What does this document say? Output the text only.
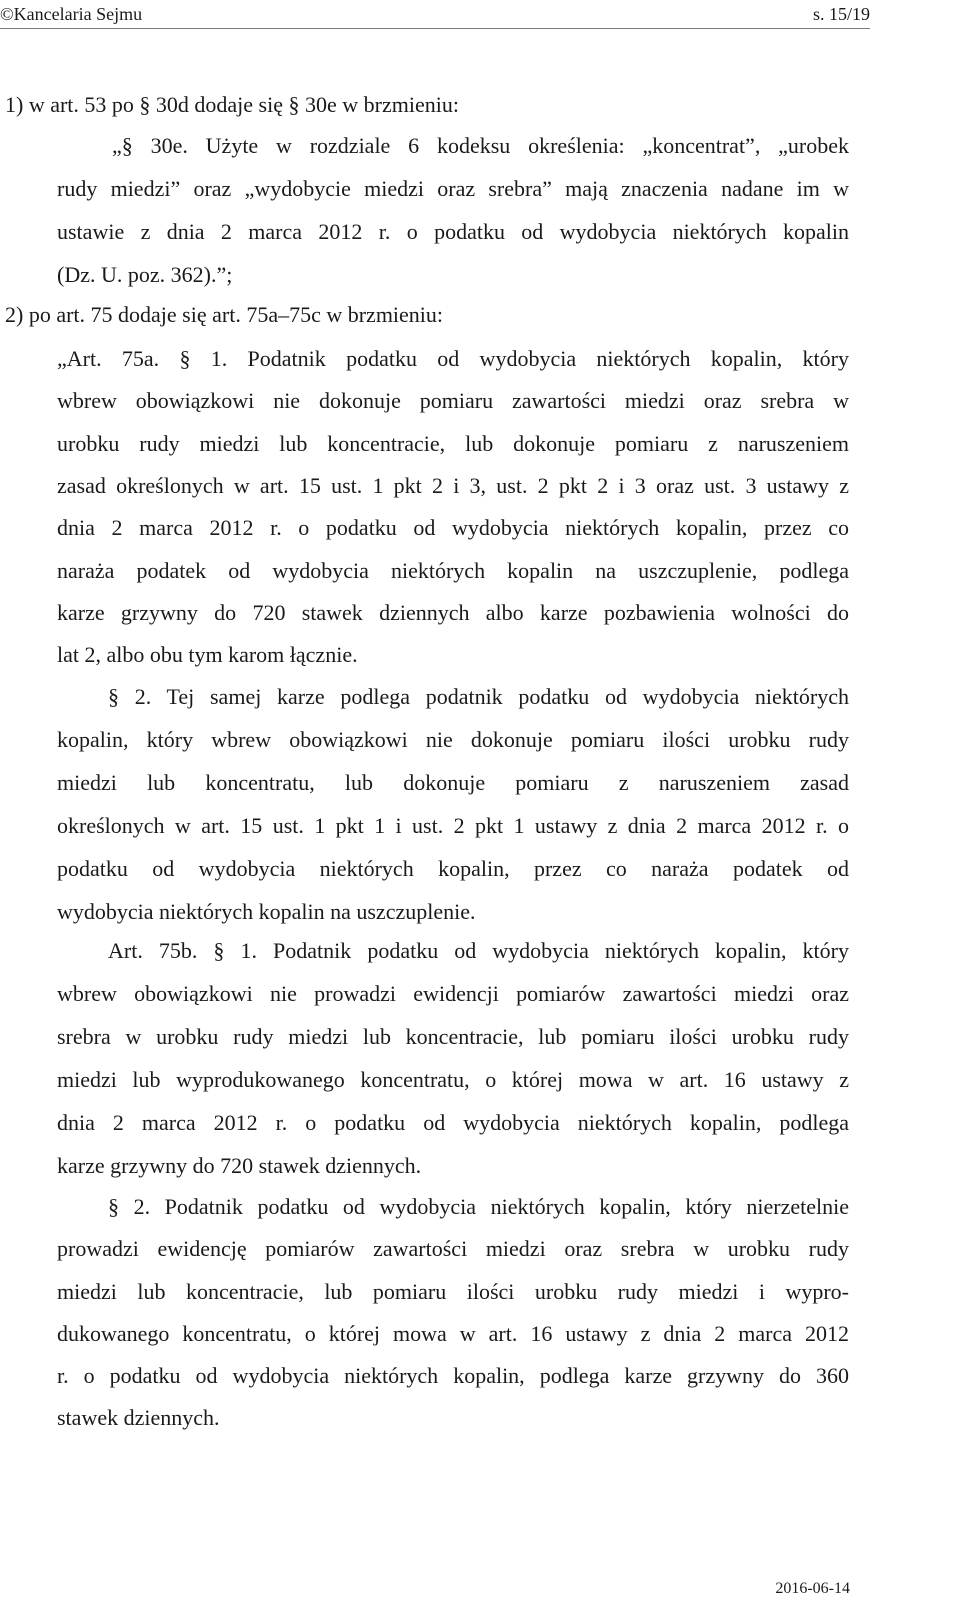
©Kancelaria Sejmu	s. 15/19
1) w art. 53 po § 30d dodaje się § 30e w brzmieniu:
„§ 30e. Użyte w rozdziale 6 kodeksu określenia: „koncentrat”, „urobek
rudy miedzi” oraz „wydobycie miedzi oraz srebra” mają znaczenia nadane im w
ustawie z dnia 2 marca 2012 r. o podatku od wydobycia niektórych kopalin
(Dz. U. poz. 362).”;
2) po art. 75 dodaje się art. 75a–75c w brzmieniu:
„Art. 75a. § 1. Podatnik podatku od wydobycia niektórych kopalin, który
wbrew obowiązkowi nie dokonuje pomiaru zawartości miedzi oraz srebra w
urobku rudy miedzi lub koncentracie, lub dokonuje pomiaru z naruszeniem
zasad określonych w art. 15 ust. 1 pkt 2 i 3, ust. 2 pkt 2 i 3 oraz ust. 3 ustawy z
dnia 2 marca 2012 r. o podatku od wydobycia niektórych kopalin, przez co
naraża podatek od wydobycia niektórych kopalin na uszczuplenie, podlega
karze grzywny do 720 stawek dziennych albo karze pozbawienia wolności do
lat 2, albo obu tym karom łącznie.
§ 2. Tej samej karze podlega podatnik podatku od wydobycia niektórych
kopalin, który wbrew obowiązkowi nie dokonuje pomiaru ilości urobku rudy
miedzi lub koncentratu, lub dokonuje pomiaru z naruszeniem zasad
określonych w art. 15 ust. 1 pkt 1 i ust. 2 pkt 1 ustawy z dnia 2 marca 2012 r. o
podatku od wydobycia niektórych kopalin, przez co naraża podatek od
wydobycia niektórych kopalin na uszczuplenie.
Art. 75b. § 1. Podatnik podatku od wydobycia niektórych kopalin, który
wbrew obowiązkowi nie prowadzi ewidencji pomiarów zawartości miedzi oraz
srebra w urobku rudy miedzi lub koncentracie, lub pomiaru ilości urobku rudy
miedzi lub wyprodukowanego koncentratu, o której mowa w art. 16 ustawy z
dnia 2 marca 2012 r. o podatku od wydobycia niektórych kopalin, podlega
karze grzywny do 720 stawek dziennych.
§ 2. Podatnik podatku od wydobycia niektórych kopalin, który nierzetelnie
prowadzi ewidencję pomiarów zawartości miedzi oraz srebra w urobku rudy
miedzi lub koncentracie, lub pomiaru ilości urobku rudy miedzi i wypro-
dukowanego koncentratu, o której mowa w art. 16 ustawy z dnia 2 marca 2012
r. o podatku od wydobycia niektórych kopalin, podlega karze grzywny do 360
stawek dziennych.
2016-06-14
